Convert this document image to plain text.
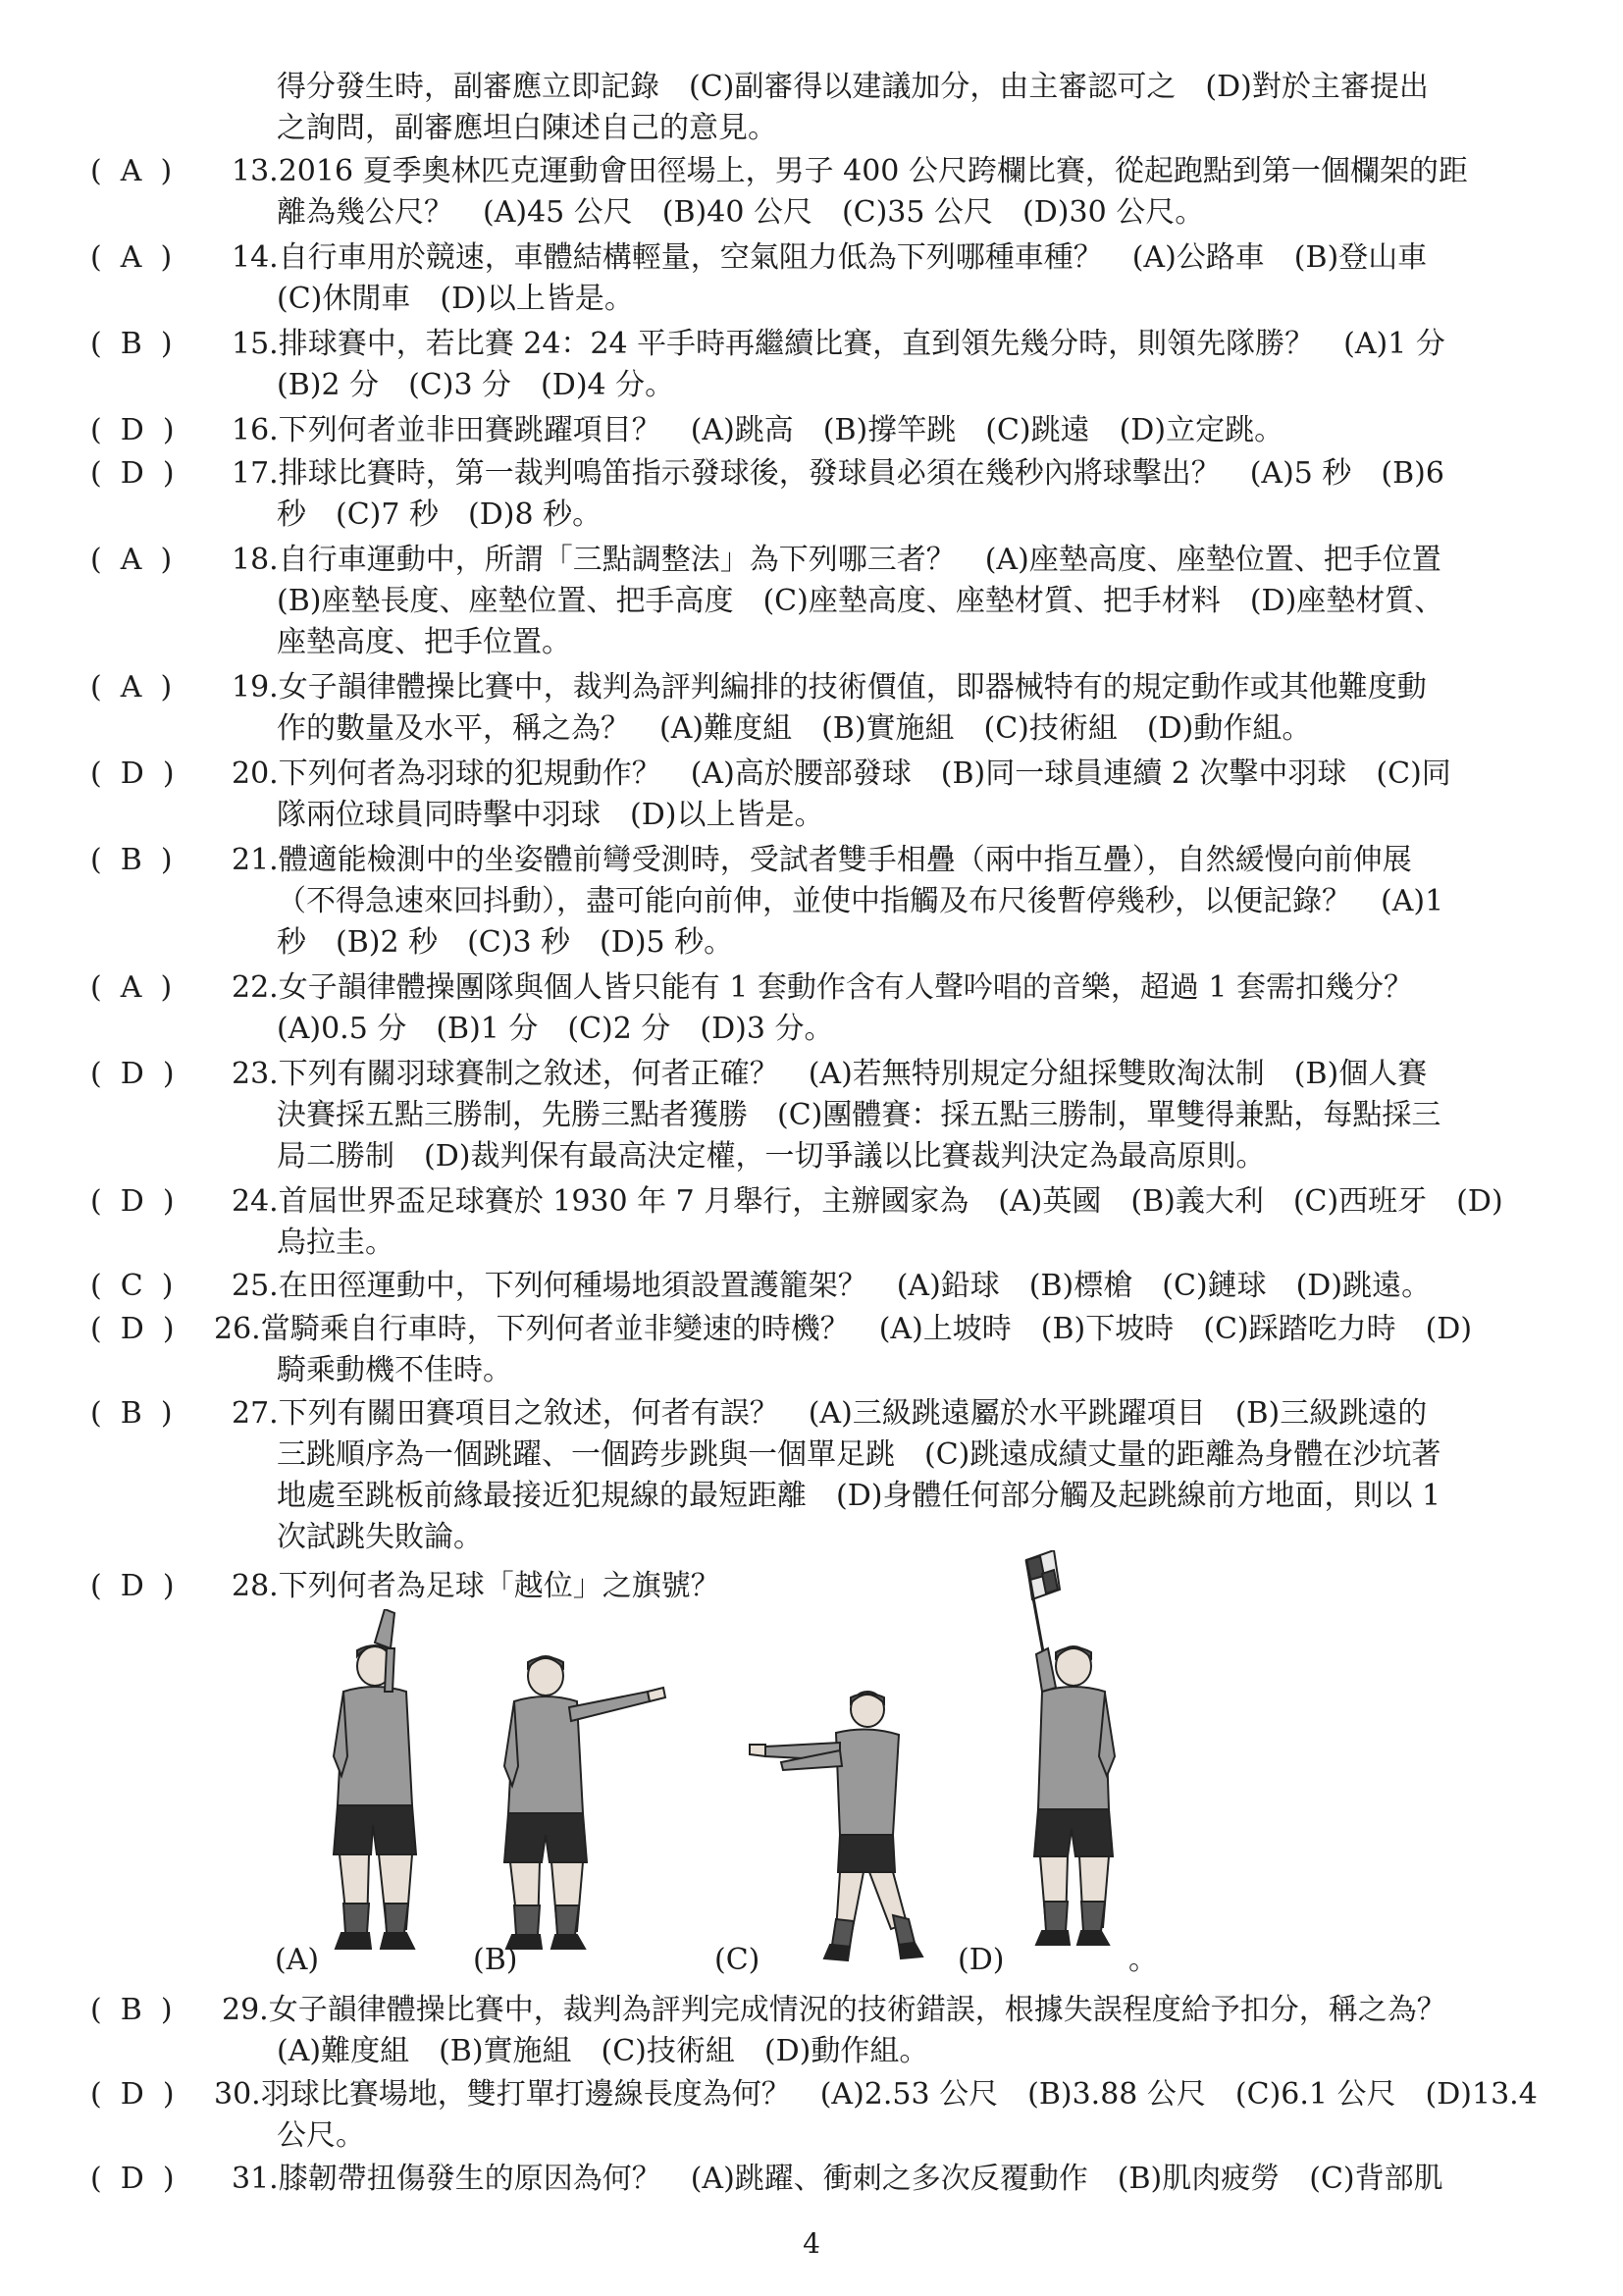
得分發生時，副審應立即記錄　(C)副審得以建議加分，由主審認可之　(D)對於主審提出
之詢問，副審應坦白陳述自己的意見。
(  A  )	13.2016 夏季奧林匹克運動會田徑場上，男子 400 公尺跨欄比賽，從起跑點到第一個欄架的距
離為幾公尺？　(A)45 公尺　(B)40 公尺　(C)35 公尺　(D)30 公尺。
(  A  )	14.自行車用於競速，車體結構輕量，空氣阻力低為下列哪種車種？　(A)公路車　(B)登山車
(C)休閒車　(D)以上皆是。
(  B  )	15.排球賽中，若比賽 24：24 平手時再繼續比賽，直到領先幾分時，則領先隊勝？　(A)1 分
(B)2 分　(C)3 分　(D)4 分。
(  D  )	16.下列何者並非田賽跳躍項目？　(A)跳高　(B)撐竿跳　(C)跳遠　(D)立定跳。
(  D  )	17.排球比賽時，第一裁判鳴笛指示發球後，發球員必須在幾秒內將球擊出？　(A)5 秒　(B)6
秒　(C)7 秒　(D)8 秒。
(  A  )	18.自行車運動中，所謂「三點調整法」為下列哪三者？　(A)座墊高度、座墊位置、把手位置
(B)座墊長度、座墊位置、把手高度　(C)座墊高度、座墊材質、把手材料　(D)座墊材質、
座墊高度、把手位置。
(  A  )	19.女子韻律體操比賽中，裁判為評判編排的技術價值，即器械特有的規定動作或其他難度動
作的數量及水平，稱之為？　(A)難度組　(B)實施組　(C)技術組　(D)動作組。
(  D  )	20.下列何者為羽球的犯規動作？　(A)高於腰部發球　(B)同一球員連續 2 次擊中羽球　(C)同
隊兩位球員同時擊中羽球　(D)以上皆是。
(  B  )	21.體適能檢測中的坐姿體前彎受測時，受試者雙手相疊（兩中指互疊），自然緩慢向前伸展
（不得急速來回抖動），盡可能向前伸，並使中指觸及布尺後暫停幾秒，以便記錄？　(A)1
秒　(B)2 秒　(C)3 秒　(D)5 秒。
(  A  )	22.女子韻律體操團隊與個人皆只能有 1 套動作含有人聲吟唱的音樂，超過 1 套需扣幾分？
(A)0.5 分　(B)1 分　(C)2 分　(D)3 分。
(  D  )	23.下列有關羽球賽制之敘述，何者正確？　(A)若無特別規定分組採雙敗淘汰制　(B)個人賽
決賽採五點三勝制，先勝三點者獲勝　(C)團體賽：採五點三勝制，單雙得兼點，每點採三
局二勝制　(D)裁判保有最高決定權，一切爭議以比賽裁判決定為最高原則。
(  D  )	24.首屆世界盃足球賽於 1930 年 7 月舉行，主辦國家為　(A)英國　(B)義大利　(C)西班牙　(D)
烏拉圭。
(  C  )	25.在田徑運動中，下列何種場地須設置護籠架？　(A)鉛球　(B)標槍　(C)鏈球　(D)跳遠。
(  D  )	26.當騎乘自行車時，下列何者並非變速的時機？　(A)上坡時　(B)下坡時　(C)踩踏吃力時　(D)
騎乘動機不佳時。
(  B  )	27.下列有關田賽項目之敘述，何者有誤？　(A)三級跳遠屬於水平跳躍項目　(B)三級跳遠的
三跳順序為一個跳躍、一個跨步跳與一個單足跳　(C)跳遠成績丈量的距離為身體在沙坑著
地處至跳板前緣最接近犯規線的最短距離　(D)身體任何部分觸及起跳線前方地面，則以 1
次試跳失敗論。
(  D  )	28.下列何者為足球「越位」之旗號？
(A)	(B)	(C)	(D)	。
(  B  )	29.女子韻律體操比賽中，裁判為評判完成情況的技術錯誤，根據失誤程度給予扣分，稱之為？
(A)難度組　(B)實施組　(C)技術組　(D)動作組。
(  D  )	30.羽球比賽場地，雙打單打邊線長度為何？　(A)2.53 公尺　(B)3.88 公尺　(C)6.1 公尺　(D)13.4
公尺。
(  D  )	31.膝韌帶扭傷發生的原因為何？　(A)跳躍、衝刺之多次反覆動作　(B)肌肉疲勞　(C)背部肌
4
